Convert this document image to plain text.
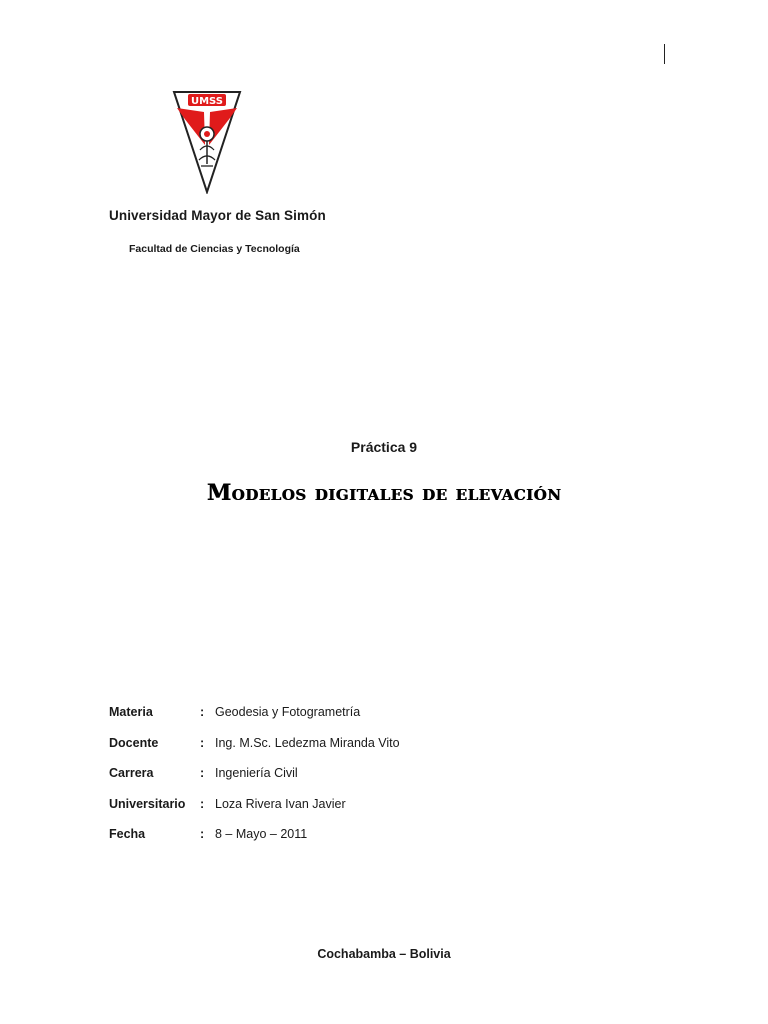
UMSS
Universidad Mayor de San Simón
Facultad de Ciencias y Tecnología
Práctica 9
Modelos digitales de elevación
Materia	: Geodesia y Fotogrametría
Docente	: Ing. M.Sc. Ledezma Miranda Vito
Carrera	: Ingeniería Civil
Universitario : Loza Rivera Ivan Javier
Fecha	: 8 – Mayo – 2011
Cochabamba – Bolivia
